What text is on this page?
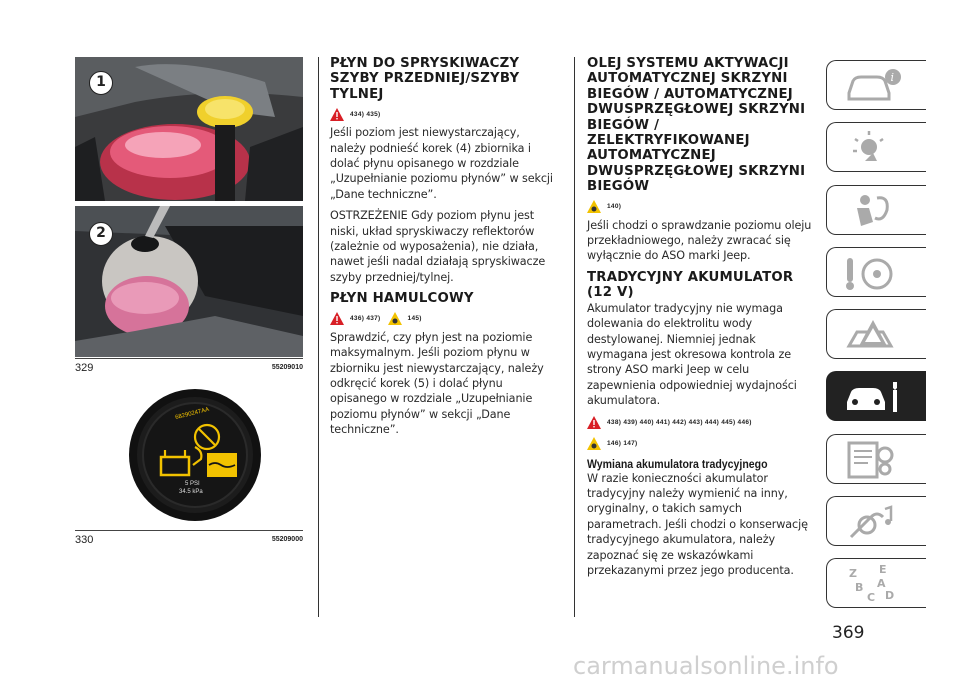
1
2
329	55209010
68290247AA
5 PSI
34.5 kPa
330	55209000
PŁYN DO SPRYSKIWACZY SZYBY PRZEDNIEJ/SZYBY TYLNEJ
434) 435)

Jeśli poziom jest niewystarczający, należy podnieść korek (4) zbiornika i dolać płynu opisanego w rozdziale „Uzupełnianie poziomu płynów” w sekcji „Dane techniczne”.

OSTRZEŻENIE Gdy poziom płynu jest niski, układ spryskiwaczy reflektorów (zależnie od wyposażenia), nie działa, nawet jeśli nadal działają spryskiwacze szyby przedniej/tylnej.

PŁYN HAMULCOWY
436) 437)	145)

Sprawdzić, czy płyn jest na poziomie maksymalnym. Jeśli poziom płynu w zbiorniku jest niewystarczający, należy odkręcić korek (5) i dolać płynu opisanego w rozdziale „Uzupełnianie poziomu płynów” w sekcji „Dane techniczne”.

OLEJ SYSTEMU AKTYWACJI AUTOMATYCZNEJ SKRZYNI BIEGÓW / AUTOMATYCZNEJ DWUSPRZĘGŁOWEJ SKRZYNI BIEGÓW / ZELEKTRYFIKOWANEJ AUTOMATYCZNEJ DWUSPRZĘGŁOWEJ SKRZYNI BIEGÓW
140)

Jeśli chodzi o sprawdzanie poziomu oleju przekładniowego, należy zwracać się wyłącznie do ASO marki Jeep.

TRADYCYJNY AKUMULATOR (12 V)

Akumulator tradycyjny nie wymaga dolewania do elektrolitu wody destylowanej. Niemniej jednak wymagana jest okresowa kontrola ze strony ASO marki Jeep w celu zapewnienia odpowiedniej wydajności akumulatora.

438) 439) 440) 441) 442) 443) 444) 445) 446)
146) 147)
Wymiana akumulatora tradycyjnego

W razie konieczności akumulator tradycyjny należy wymienić na inny, oryginalny, o takich samych parametrach. Jeśli chodzi o konserwację tradycyjnego akumulatora, należy zapoznać się ze wskazówkami przekazanymi przez jego producenta.

i
Z E
B A
C D
369
carmanualsonline.info
